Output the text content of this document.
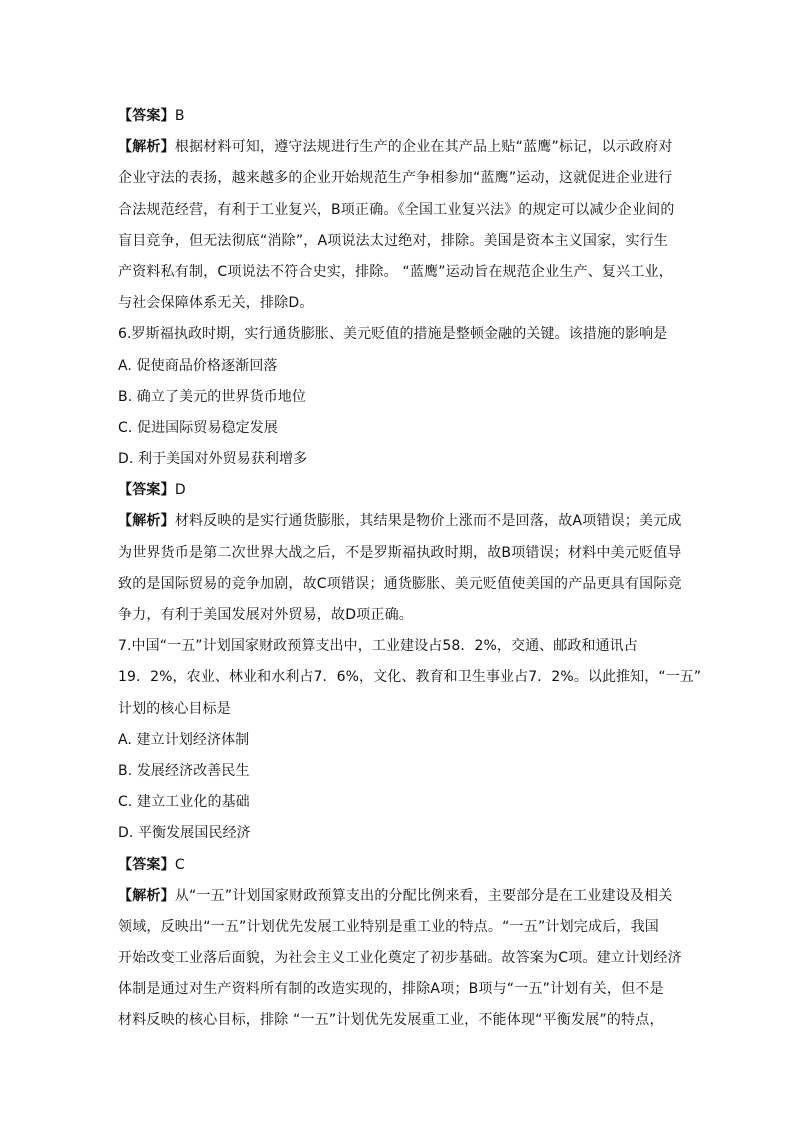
【答案】B
【解析】根据材料可知，遵守法规进行生产的企业在其产品上贴“蓝鹰”标记，以示政府对
企业守法的表扬，越来越多的企业开始规范生产争相参加“蓝鹰”运动，这就促进企业进行
合法规范经营，有利于工业复兴，B项正确。《全国工业复兴法》的规定可以减少企业间的
盲目竞争，但无法彻底“消除”，A项说法太过绝对，排除。美国是资本主义国家，实行生
产资料私有制，C项说法不符合史实，排除。 “蓝鹰”运动旨在规范企业生产、复兴工业，
与社会保障体系无关，排除D。
6.罗斯福执政时期，实行通货膨胀、美元贬值的措施是整顿金融的关键。该措施的影响是
A. 促使商品价格逐渐回落
B. 确立了美元的世界货币地位
C. 促进国际贸易稳定发展
D. 利于美国对外贸易获利增多
【答案】D
【解析】材料反映的是实行通货膨胀，其结果是物价上涨而不是回落，故A项错误；美元成
为世界货币是第二次世界大战之后，不是罗斯福执政时期，故B项错误；材料中美元贬值导
致的是国际贸易的竞争加剧，故C项错误；通货膨胀、美元贬值使美国的产品更具有国际竞
争力，有利于美国发展对外贸易，故D项正确。
7.中国“一五”计划国家财政预算支出中，工业建设占58．2%，交通、邮政和通讯占
19．2%，农业、林业和水利占7．6%，文化、教育和卫生事业占7．2%。以此推知，“一五”
计划的核心目标是
A. 建立计划经济体制
B. 发展经济改善民生
C. 建立工业化的基础
D. 平衡发展国民经济
【答案】C
【解析】从“一五”计划国家财政预算支出的分配比例来看，主要部分是在工业建设及相关
领域，反映出“一五”计划优先发展工业特别是重工业的特点。“一五”计划完成后，我国
开始改变工业落后面貌，为社会主义工业化奠定了初步基础。故答案为C项。建立计划经济
体制是通过对生产资料所有制的改造实现的，排除A项；B项与“一五”计划有关，但不是
材料反映的核心目标，排除 “一五”计划优先发展重工业，不能体现“平衡发展”的特点，
